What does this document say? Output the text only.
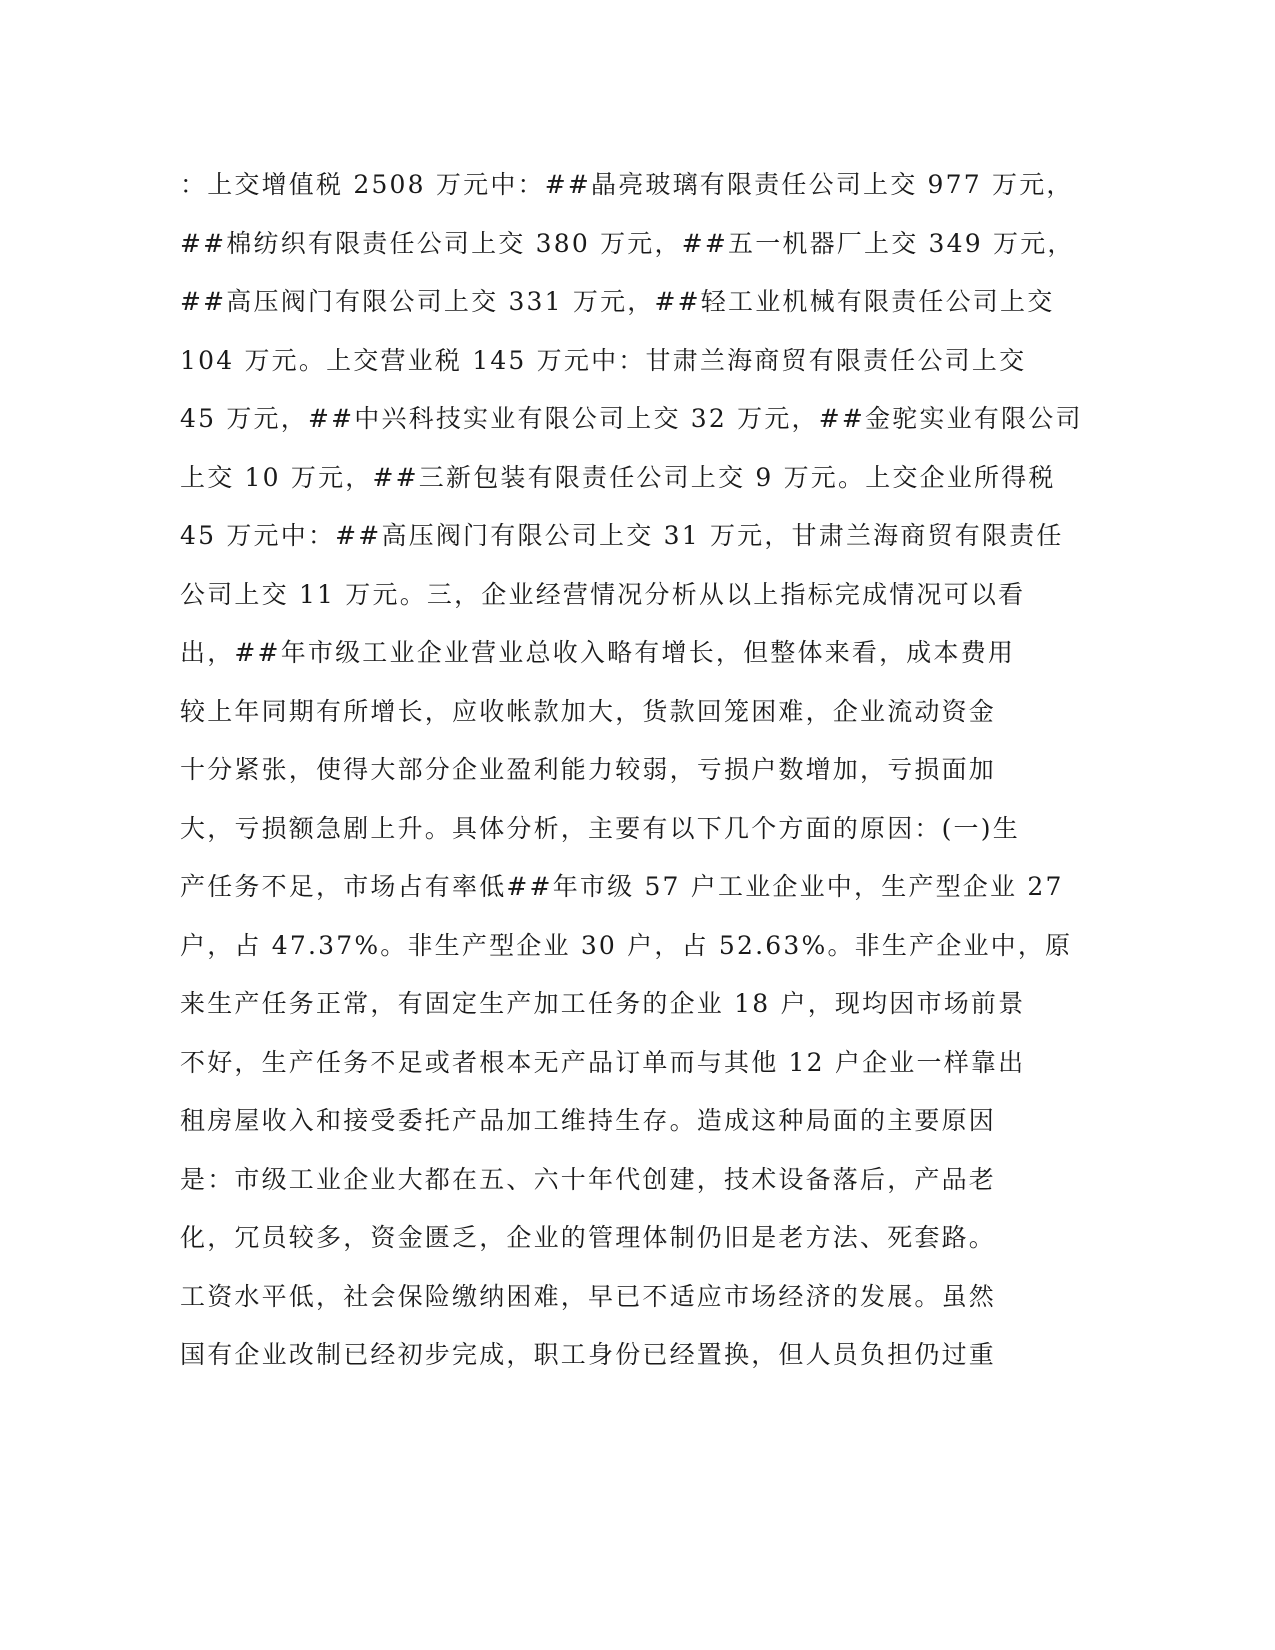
：上交增值税 2508 万元中：##晶亮玻璃有限责任公司上交 977 万元，
##棉纺织有限责任公司上交 380 万元，##五一机器厂上交 349 万元，
##高压阀门有限公司上交 331 万元，##轻工业机械有限责任公司上交
104 万元。上交营业税 145 万元中：甘肃兰海商贸有限责任公司上交
45 万元，##中兴科技实业有限公司上交 32 万元，##金驼实业有限公司
上交 10 万元，##三新包装有限责任公司上交 9 万元。上交企业所得税
45 万元中：##高压阀门有限公司上交 31 万元，甘肃兰海商贸有限责任
公司上交 11 万元。三，企业经营情况分析从以上指标完成情况可以看
出，##年市级工业企业营业总收入略有增长，但整体来看，成本费用
较上年同期有所增长，应收帐款加大，货款回笼困难，企业流动资金
十分紧张，使得大部分企业盈利能力较弱，亏损户数增加，亏损面加
大，亏损额急剧上升。具体分析，主要有以下几个方面的原因：(一)生
产任务不足，市场占有率低##年市级 57 户工业企业中，生产型企业 27
户，占 47.37%。非生产型企业 30 户，占 52.63%。非生产企业中，原
来生产任务正常，有固定生产加工任务的企业 18 户，现均因市场前景
不好，生产任务不足或者根本无产品订单而与其他 12 户企业一样靠出
租房屋收入和接受委托产品加工维持生存。造成这种局面的主要原因
是：市级工业企业大都在五、六十年代创建，技术设备落后，产品老
化，冗员较多，资金匮乏，企业的管理体制仍旧是老方法、死套路。
工资水平低，社会保险缴纳困难，早已不适应市场经济的发展。虽然
国有企业改制已经初步完成，职工身份已经置换，但人员负担仍过重
